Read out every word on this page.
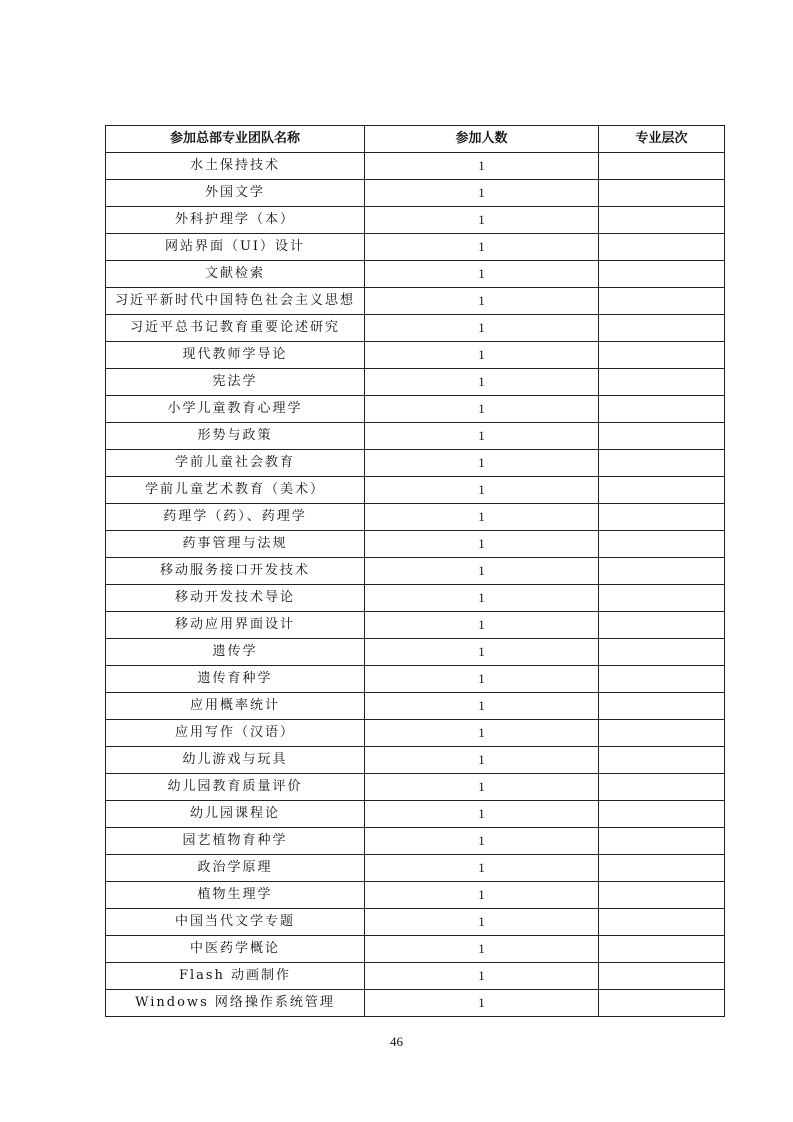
参加总部专业团队名称	参加人数	专业层次
水土保持技术	1	
外国文学	1	
外科护理学（本）	1	
网站界面（UI）设计	1	
文献检索	1	
习近平新时代中国特色社会主义思想	1	
习近平总书记教育重要论述研究	1	
现代教师学导论	1	
宪法学	1	
小学儿童教育心理学	1	
形势与政策	1	
学前儿童社会教育	1	
学前儿童艺术教育（美术）	1	
药理学（药）、药理学	1	
药事管理与法规	1	
移动服务接口开发技术	1	
移动开发技术导论	1	
移动应用界面设计	1	
遗传学	1	
遗传育种学	1	
应用概率统计	1	
应用写作（汉语）	1	
幼儿游戏与玩具	1	
幼儿园教育质量评价	1	
幼儿园课程论	1	
园艺植物育种学	1	
政治学原理	1	
植物生理学	1	
中国当代文学专题	1	
中医药学概论	1	
Flash 动画制作	1	
Windows 网络操作系统管理	1	
46
